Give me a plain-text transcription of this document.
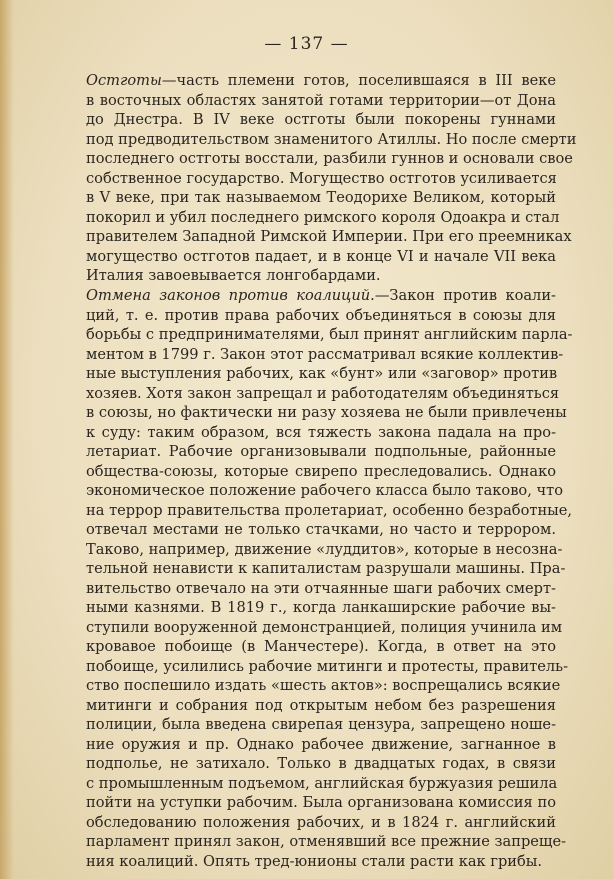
— 137 —
Остготы—часть племени готов, поселившаяся в III веке
в восточных областях занятой готами территории—от Дона
до Днестра. В IV веке остготы были покорены гуннами
под предводительством знаменитого Атиллы. Но после смерти
последнего остготы восстали, разбили гуннов и основали свое
собственное государство. Могущество остготов усиливается
в V веке, при так называемом Теодорихе Великом, который
покорил и убил последнего римского короля Одоакра и стал
правителем Западной Римской Империи. При его преемниках
могущество остготов падает, и в конце VI и начале VII века
Италия завоевывается лонгобардами.
Отмена законов против коалиций.—Закон против коали-
ций, т. е. против права рабочих объединяться в союзы для
борьбы с предпринимателями, был принят английским парла-
ментом в 1799 г. Закон этот рассматривал всякие коллектив-
ные выступления рабочих, как «бунт» или «заговор» против
хозяев. Хотя закон запрещал и работодателям объединяться
в союзы, но фактически ни разу хозяева не были привлечены
к суду: таким образом, вся тяжесть закона падала на про-
летариат. Рабочие организовывали подпольные, районные
общества-союзы, которые свирепо преследовались. Однако
экономическое положение рабочего класса было таково, что
на террор правительства пролетариат, особенно безработные,
отвечал местами не только стачками, но часто и террором.
Таково, например, движение «луддитов», которые в несозна-
тельной ненависти к капиталистам разрушали машины. Пра-
вительство отвечало на эти отчаянные шаги рабочих смерт-
ными казнями. В 1819 г., когда ланкаширские рабочие вы-
ступили вооруженной демонстранцией, полиция учинила им
кровавое побоище (в Манчестере). Когда, в ответ на это
побоище, усилились рабочие митинги и протесты, правитель-
ство поспешило издать «шесть актов»: воспрещались всякие
митинги и собрания под открытым небом без разрешения
полиции, была введена свирепая цензура, запрещено ноше-
ние оружия и пр. Однако рабочее движение, загнанное в
подполье, не затихало. Только в двадцатых годах, в связи
с промышленным подъемом, английская буржуазия решила
пойти на уступки рабочим. Была организована комиссия по
обследованию положения рабочих, и в 1824 г. английский
парламент принял закон, отменявший все прежние запреще-
ния коалиций. Опять тред-юнионы стали расти как грибы.
